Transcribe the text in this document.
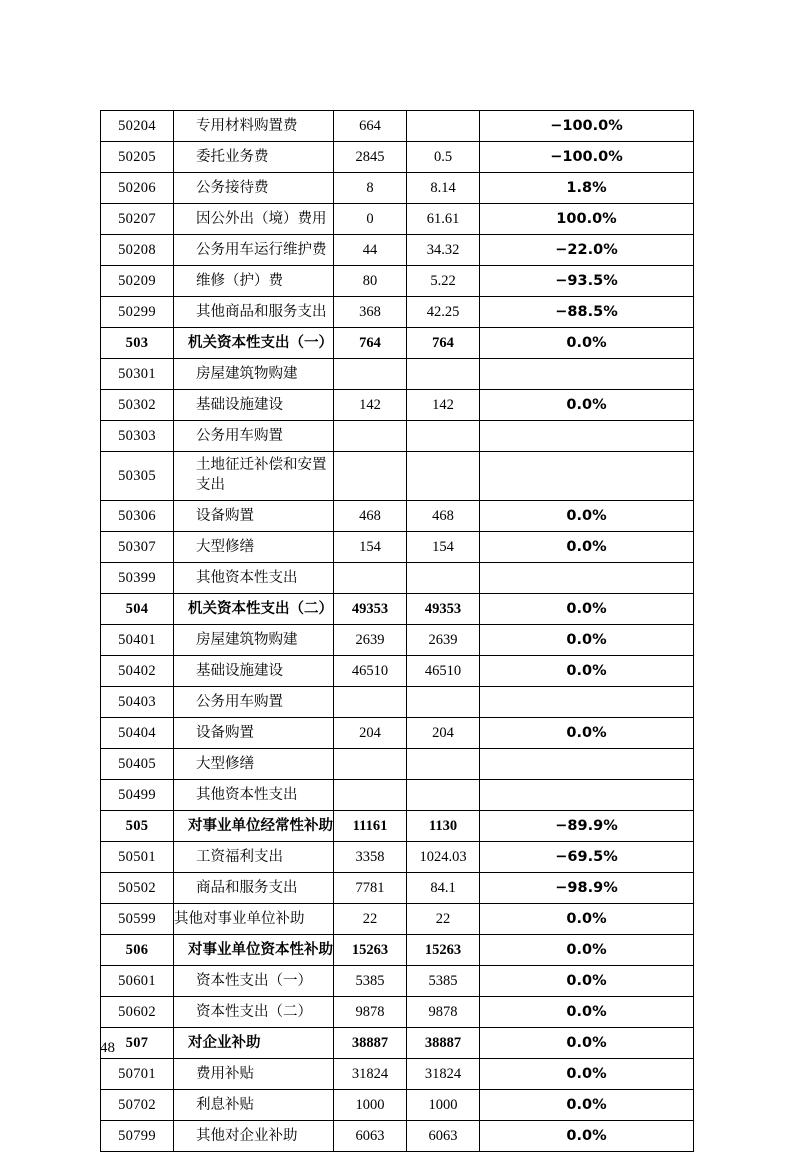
50204	专用材料购置费	664		−100.0%
50205	委托业务费	2845	0.5	−100.0%
50206	公务接待费	8	8.14	1.8%
50207	因公外出（境）费用	0	61.61	100.0%
50208	公务用车运行维护费	44	34.32	−22.0%
50209	维修（护）费	80	5.22	−93.5%
50299	其他商品和服务支出	368	42.25	−88.5%
503	机关资本性支出（一）	764	764	0.0%
50301	房屋建筑物购建			
50302	基础设施建设	142	142	0.0%
50303	公务用车购置			
50305	土地征迁补偿和安置支出			
50306	设备购置	468	468	0.0%
50307	大型修缮	154	154	0.0%
50399	其他资本性支出			
504	机关资本性支出（二）	49353	49353	0.0%
50401	房屋建筑物购建	2639	2639	0.0%
50402	基础设施建设	46510	46510	0.0%
50403	公务用车购置			
50404	设备购置	204	204	0.0%
50405	大型修缮			
50499	其他资本性支出			
505	对事业单位经常性补助	11161	1130	−89.9%
50501	工资福利支出	3358	1024.03	−69.5%
50502	商品和服务支出	7781	84.1	−98.9%
50599	其他对事业单位补助	22	22	0.0%
506	对事业单位资本性补助	15263	15263	0.0%
50601	资本性支出（一）	5385	5385	0.0%
50602	资本性支出（二）	9878	9878	0.0%
507	对企业补助	38887	38887	0.0%
50701	费用补贴	31824	31824	0.0%
50702	利息补贴	1000	1000	0.0%
50799	其他对企业补助	6063	6063	0.0%
48
